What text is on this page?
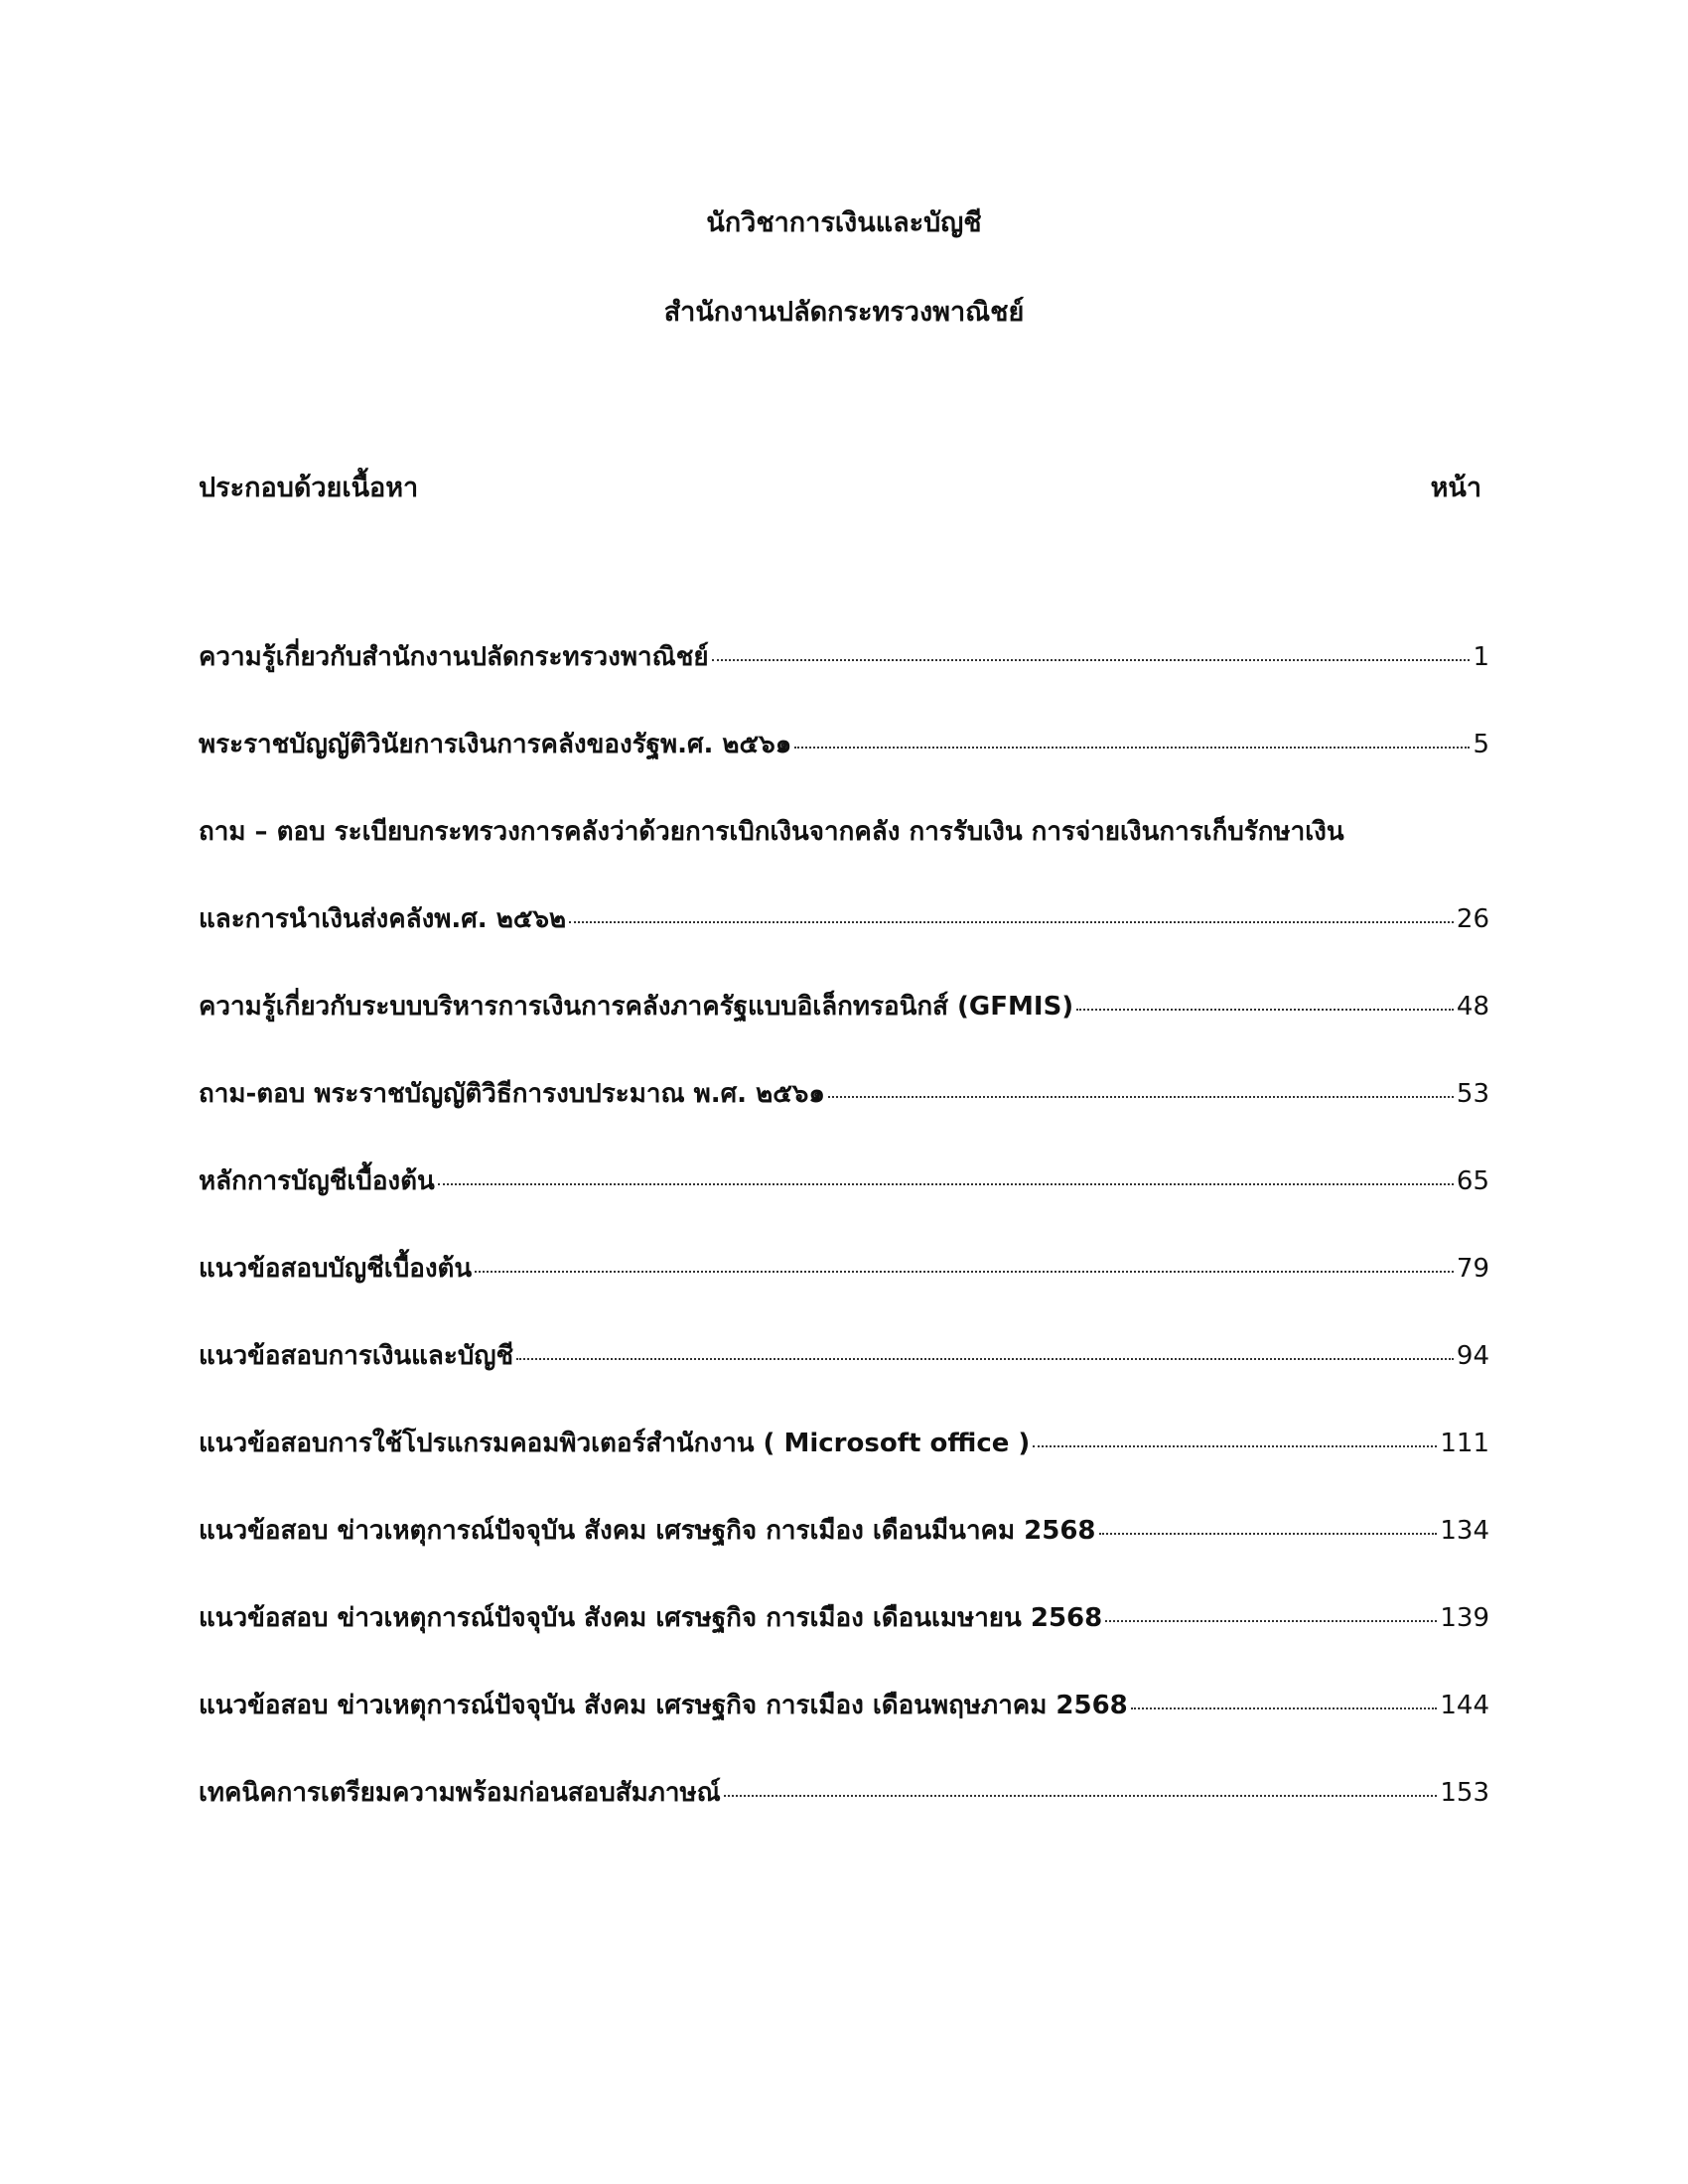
นักวิชาการเงินและบัญชี
สำนักงานปลัดกระทรวงพาณิชย์
ประกอบด้วยเนื้อหา	หน้า
ความรู้เกี่ยวกับสำนักงานปลัดกระทรวงพาณิชย์	1
พระราชบัญญัติวินัยการเงินการคลังของรัฐพ.ศ. ๒๕๖๑	5
ถาม – ตอบ ระเบียบกระทรวงการคลังว่าด้วยการเบิกเงินจากคลัง การรับเงิน การจ่ายเงินการเก็บรักษาเงิน
และการนำเงินส่งคลังพ.ศ. ๒๕๖๒	26
ความรู้เกี่ยวกับระบบบริหารการเงินการคลังภาครัฐแบบอิเล็กทรอนิกส์ (GFMIS)	48
ถาม-ตอบ พระราชบัญญัติวิธีการงบประมาณ พ.ศ. ๒๕๖๑	53
หลักการบัญชีเบื้องต้น	65
แนวข้อสอบบัญชีเบื้องต้น	79
แนวข้อสอบการเงินและบัญชี	94
แนวข้อสอบการใช้โปรแกรมคอมพิวเตอร์สำนักงาน ( Microsoft office )	111
แนวข้อสอบ ข่าวเหตุการณ์ปัจจุบัน สังคม เศรษฐกิจ การเมือง เดือนมีนาคม 2568	134
แนวข้อสอบ ข่าวเหตุการณ์ปัจจุบัน สังคม เศรษฐกิจ การเมือง เดือนเมษายน 2568	139
แนวข้อสอบ ข่าวเหตุการณ์ปัจจุบัน สังคม เศรษฐกิจ การเมือง เดือนพฤษภาคม 2568	144
เทคนิคการเตรียมความพร้อมก่อนสอบสัมภาษณ์	153
